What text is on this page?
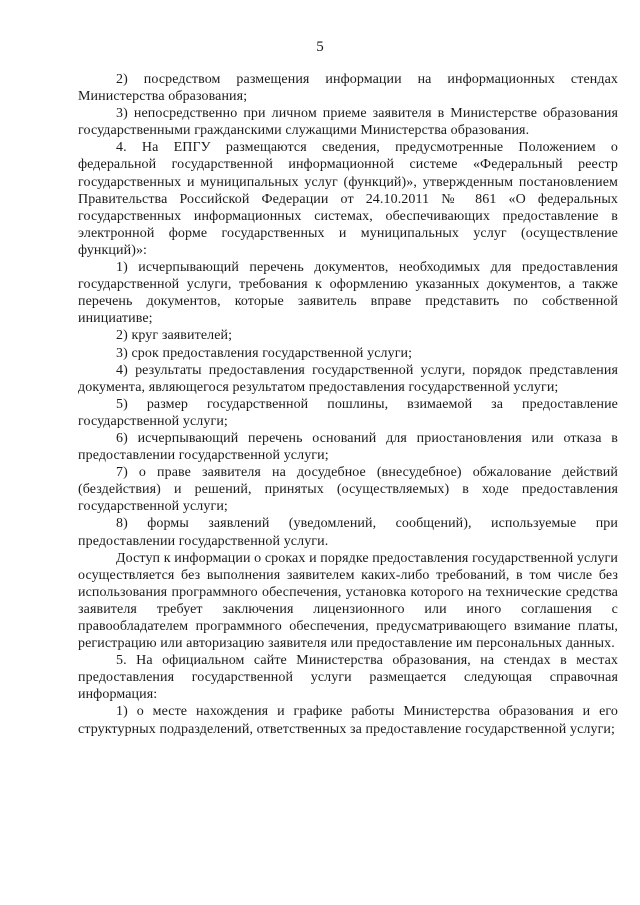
5

2) посредством размещения информации на информационных стендах Министерства образования;

3) непосредственно при личном приеме заявителя в Министерстве образования государственными гражданскими служащими Министерства образования.

4. На ЕПГУ размещаются сведения, предусмотренные Положением о федеральной государственной информационной системе «Федеральный реестр государственных и муниципальных услуг (функций)», утвержденным постановлением Правительства Российской Федерации от 24.10.2011 № 861 «О федеральных государственных информационных системах, обеспечивающих предоставление в электронной форме государственных и муниципальных услуг (осуществление функций)»:

1) исчерпывающий перечень документов, необходимых для предоставления государственной услуги, требования к оформлению указанных документов, а также перечень документов, которые заявитель вправе представить по собственной инициативе;

2) круг заявителей;

3) срок предоставления государственной услуги;

4) результаты предоставления государственной услуги, порядок представления документа, являющегося результатом предоставления государственной услуги;

5) размер государственной пошлины, взимаемой за предоставление государственной услуги;

6) исчерпывающий перечень оснований для приостановления или отказа в предоставлении государственной услуги;

7) о праве заявителя на досудебное (внесудебное) обжалование действий (бездействия) и решений, принятых (осуществляемых) в ходе предоставления государственной услуги;

8) формы заявлений (уведомлений, сообщений), используемые при предоставлении государственной услуги.

Доступ к информации о сроках и порядке предоставления государственной услуги осуществляется без выполнения заявителем каких-либо требований, в том числе без использования программного обеспечения, установка которого на технические средства заявителя требует заключения лицензионного или иного соглашения с правообладателем программного обеспечения, предусматривающего взимание платы, регистрацию или авторизацию заявителя или предоставление им персональных данных.

5. На официальном сайте Министерства образования, на стендах в местах предоставления государственной услуги размещается следующая справочная информация:

1) о месте нахождения и графике работы Министерства образования и его структурных подразделений, ответственных за предоставление государственной услуги;
